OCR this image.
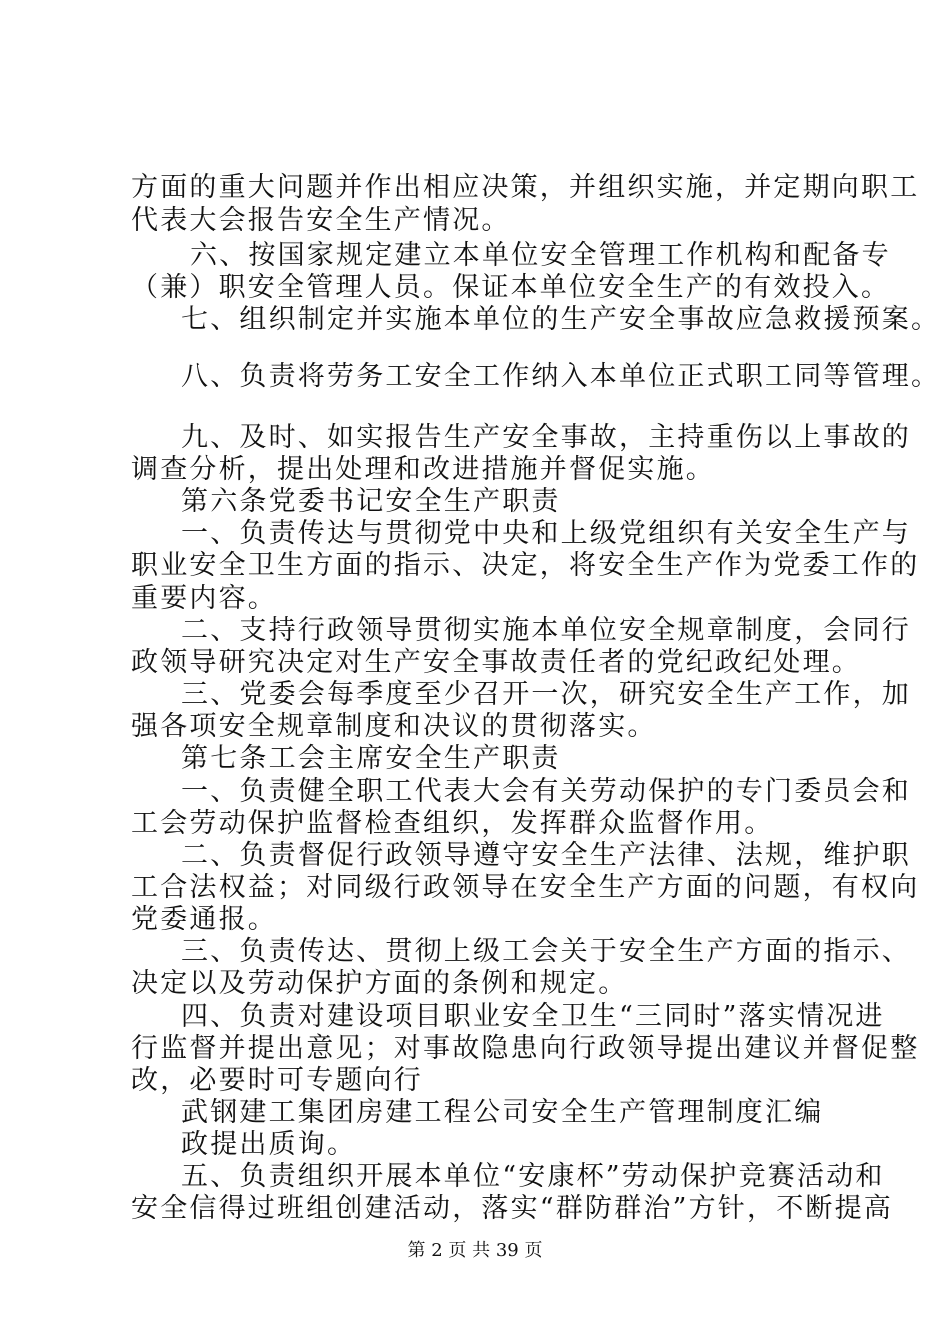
方面的重大问题并作出相应决策，并组织实施，并定期向职工
代表大会报告安全生产情况。
六、按国家规定建立本单位安全管理工作机构和配备专
（兼）职安全管理人员。保证本单位安全生产的有效投入。
七、组织制定并实施本单位的生产安全事故应急救援预案。
八、负责将劳务工安全工作纳入本单位正式职工同等管理。
九、及时、如实报告生产安全事故，主持重伤以上事故的
调查分析，提出处理和改进措施并督促实施。
第六条党委书记安全生产职责
一、负责传达与贯彻党中央和上级党组织有关安全生产与
职业安全卫生方面的指示、决定，将安全生产作为党委工作的
重要内容。
二、支持行政领导贯彻实施本单位安全规章制度，会同行
政领导研究决定对生产安全事故责任者的党纪政纪处理。
三、党委会每季度至少召开一次，研究安全生产工作，加
强各项安全规章制度和决议的贯彻落实。
第七条工会主席安全生产职责
一、负责健全职工代表大会有关劳动保护的专门委员会和
工会劳动保护监督检查组织，发挥群众监督作用。
二、负责督促行政领导遵守安全生产法律、法规，维护职
工合法权益；对同级行政领导在安全生产方面的问题，有权向
党委通报。
三、负责传达、贯彻上级工会关于安全生产方面的指示、
决定以及劳动保护方面的条例和规定。
四、负责对建设项目职业安全卫生“三同时”落实情况进
行监督并提出意见；对事故隐患向行政领导提出建议并督促整
改，必要时可专题向行
武钢建工集团房建工程公司安全生产管理制度汇编
政提出质询。
五、负责组织开展本单位“安康杯”劳动保护竞赛活动和
安全信得过班组创建活动，落实“群防群治”方针，不断提高
第 2 页 共 39 页
